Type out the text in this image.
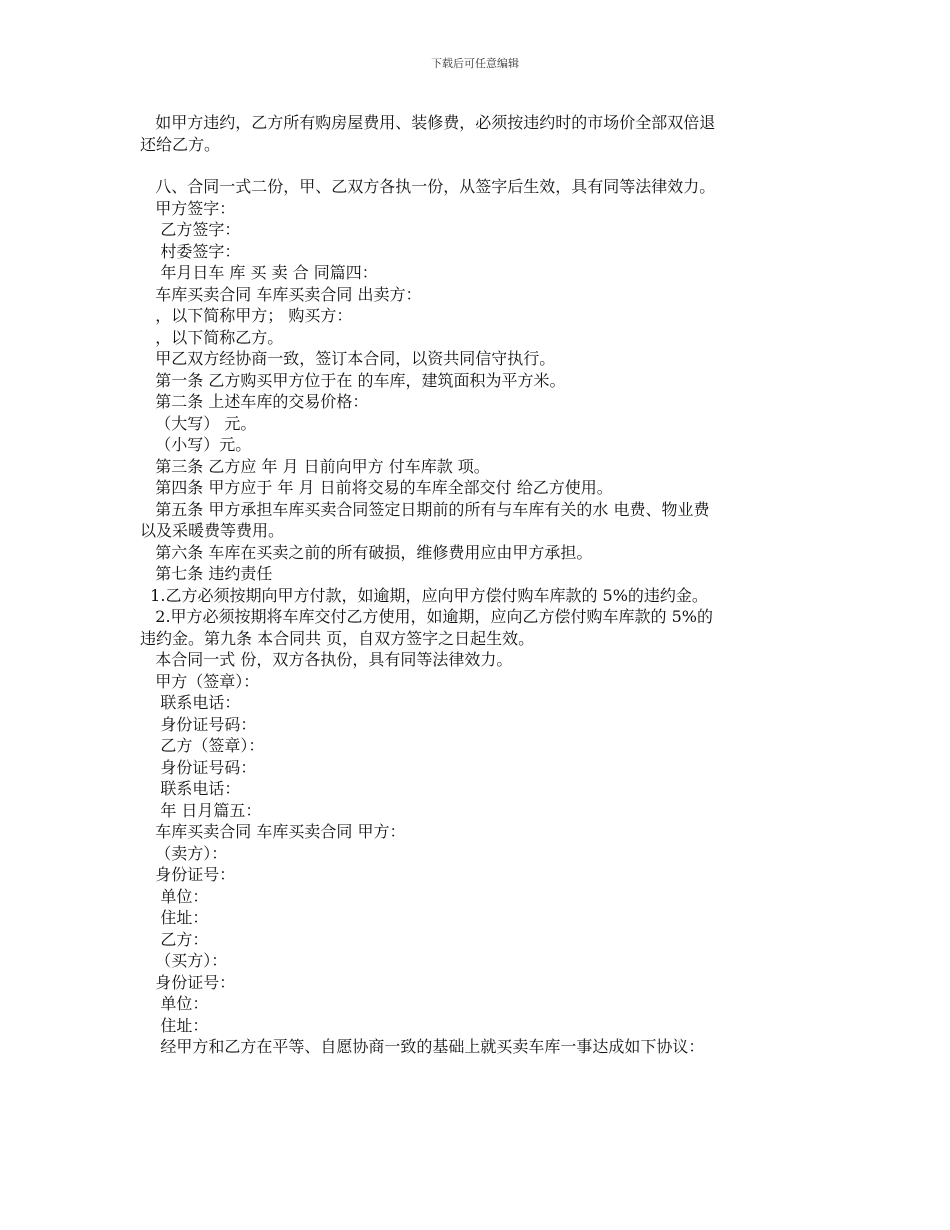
下载后可任意编辑

如甲方违约，乙方所有购房屋费用、装修费，必须按违约时的市场价全部双倍退

还给乙方。

八、合同一式二份，甲、乙双方各执一份，从签字后生效，具有同等法律效力。

甲方签字：

乙方签字：

村委签字：

年月日车 库 买 卖 合 同篇四：

车库买卖合同 车库买卖合同 出卖方：

，以下简称甲方； 购买方：

，以下简称乙方。

甲乙双方经协商一致，签订本合同，以资共同信守执行。

第一条 乙方购买甲方位于在 的车库，建筑面积为平方米。

第二条 上述车库的交易价格：

（大写） 元。

（小写）元。

第三条 乙方应 年 月 日前向甲方 付车库款 项。

第四条 甲方应于 年 月 日前将交易的车库全部交付 给乙方使用。

第五条 甲方承担车库买卖合同签定日期前的所有与车库有关的水 电费、物业费

以及采暖费等费用。

第六条 车库在买卖之前的所有破损，维修费用应由甲方承担。

第七条 违约责任

1.乙方必须按期向甲方付款，如逾期，应向甲方偿付购车库款的 5%的违约金。

2.甲方必须按期将车库交付乙方使用，如逾期，应向乙方偿付购车库款的 5%的

违约金。第九条 本合同共 页，自双方签字之日起生效。

本合同一式 份，双方各执份，具有同等法律效力。

甲方（签章）：

联系电话：

身份证号码：

乙方（签章）：

身份证号码：

联系电话：

年 日月篇五：

车库买卖合同 车库买卖合同 甲方：

（卖方）：

身份证号：

单位：

住址：

乙方：

（买方）：

身份证号：

单位：

住址：

经甲方和乙方在平等、自愿协商一致的基础上就买卖车库一事达成如下协议：
